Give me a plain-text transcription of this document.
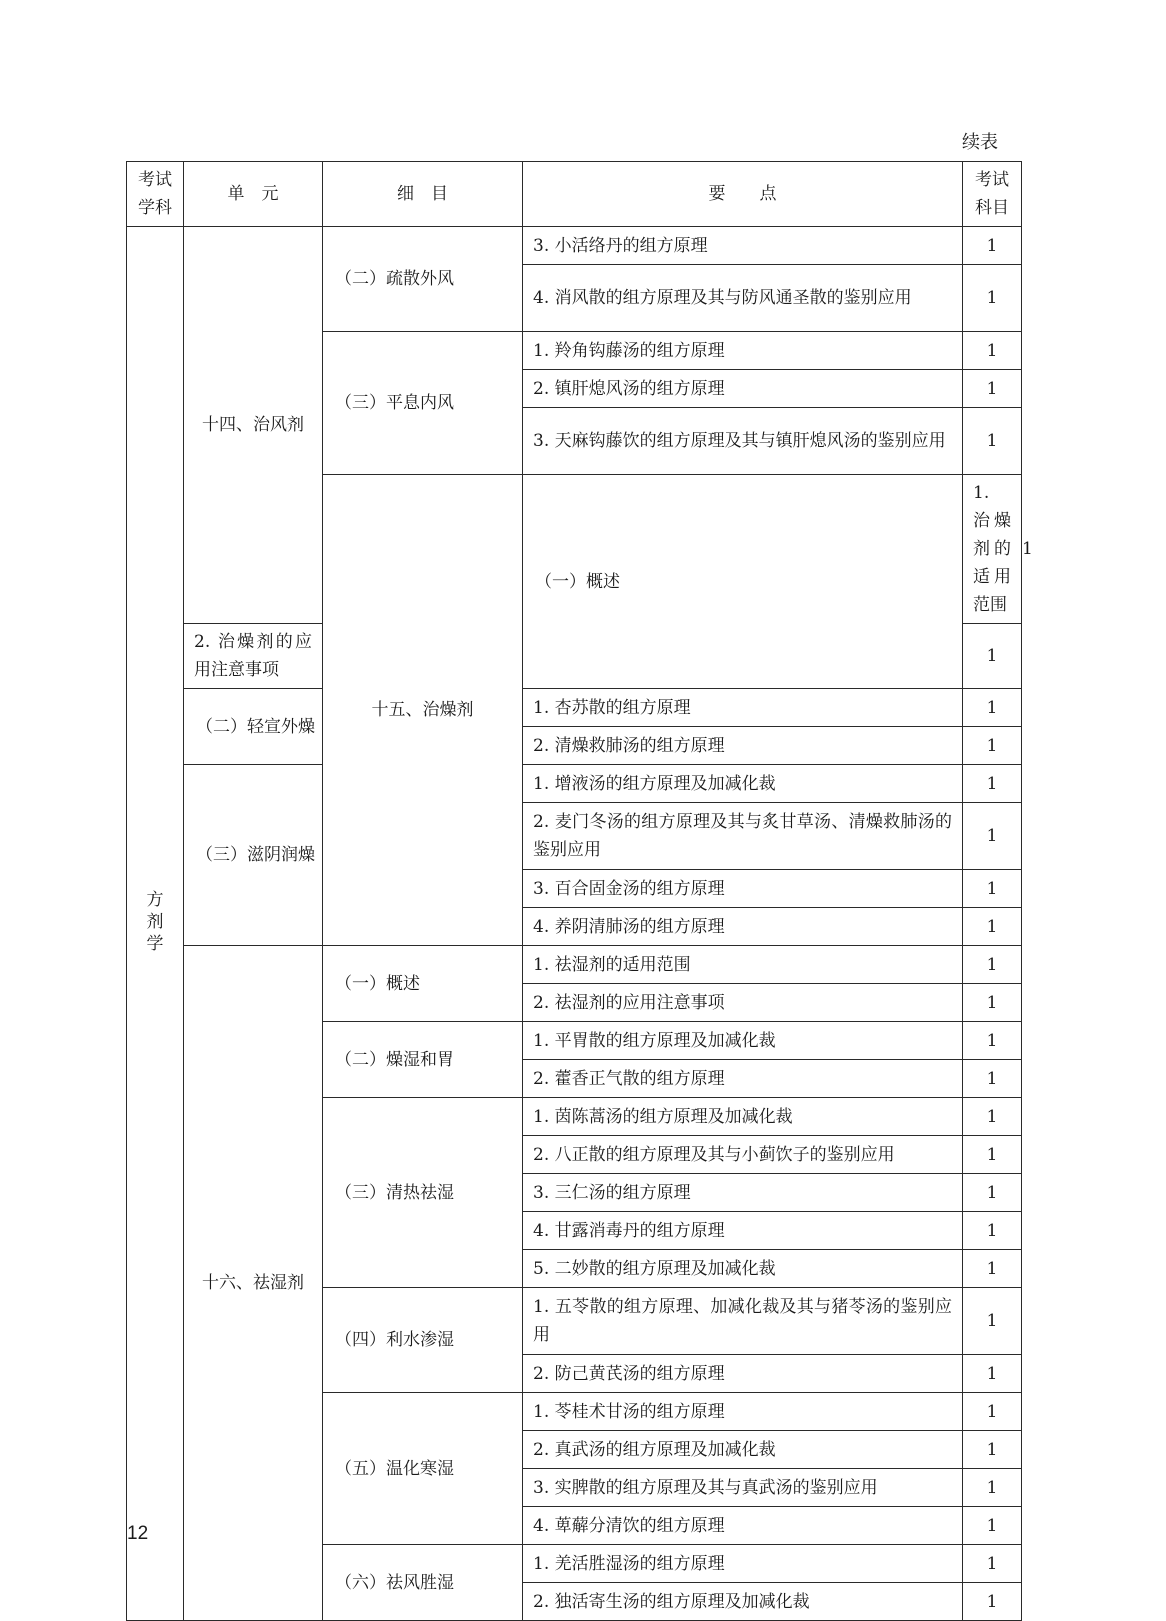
续表
考试学科	单　元	细　目	要　　点	考试科目	
方剂学	十四、治风剂	（二）疏散外风	3. 小活络丹的组方原理	1	
			4. 消风散的组方原理及其与防风通圣散的鉴别应用	1	
		（三）平息内风	1. 羚角钩藤汤的组方原理	1	
			2. 镇肝熄风汤的组方原理	1	
			3. 天麻钩藤饮的组方原理及其与镇肝熄风汤的鉴别应用	1	
		十五、治燥剂	（一）概述	1. 治燥剂的适用范围	1
	2. 治燥剂的应用注意事项			1	
	（二）轻宣外燥		1. 杏苏散的组方原理	1	
			2. 清燥救肺汤的组方原理	1	
	（三）滋阴润燥		1. 增液汤的组方原理及加减化裁	1	
			2. 麦门冬汤的组方原理及其与炙甘草汤、清燥救肺汤的鉴别应用	1	
			3. 百合固金汤的组方原理	1	
			4. 养阴清肺汤的组方原理	1	
	十六、祛湿剂	（一）概述	1. 祛湿剂的适用范围	1	
			2. 祛湿剂的应用注意事项	1	
		（二）燥湿和胃	1. 平胃散的组方原理及加减化裁	1	
			2. 藿香正气散的组方原理	1	
		（三）清热祛湿	1. 茵陈蒿汤的组方原理及加减化裁	1	
			2. 八正散的组方原理及其与小蓟饮子的鉴别应用	1	
			3. 三仁汤的组方原理	1	
			4. 甘露消毒丹的组方原理	1	
			5. 二妙散的组方原理及加减化裁	1	
		（四）利水渗湿	1. 五苓散的组方原理、加减化裁及其与猪苓汤的鉴别应用	1	
			2. 防己黄芪汤的组方原理	1	
		（五）温化寒湿	1. 苓桂术甘汤的组方原理	1	
			2. 真武汤的组方原理及加减化裁	1	
			3. 实脾散的组方原理及其与真武汤的鉴别应用	1	
			4. 萆薢分清饮的组方原理	1	
		（六）祛风胜湿	1. 羌活胜湿汤的组方原理	1	
			2. 独活寄生汤的组方原理及加减化裁	1	
12
